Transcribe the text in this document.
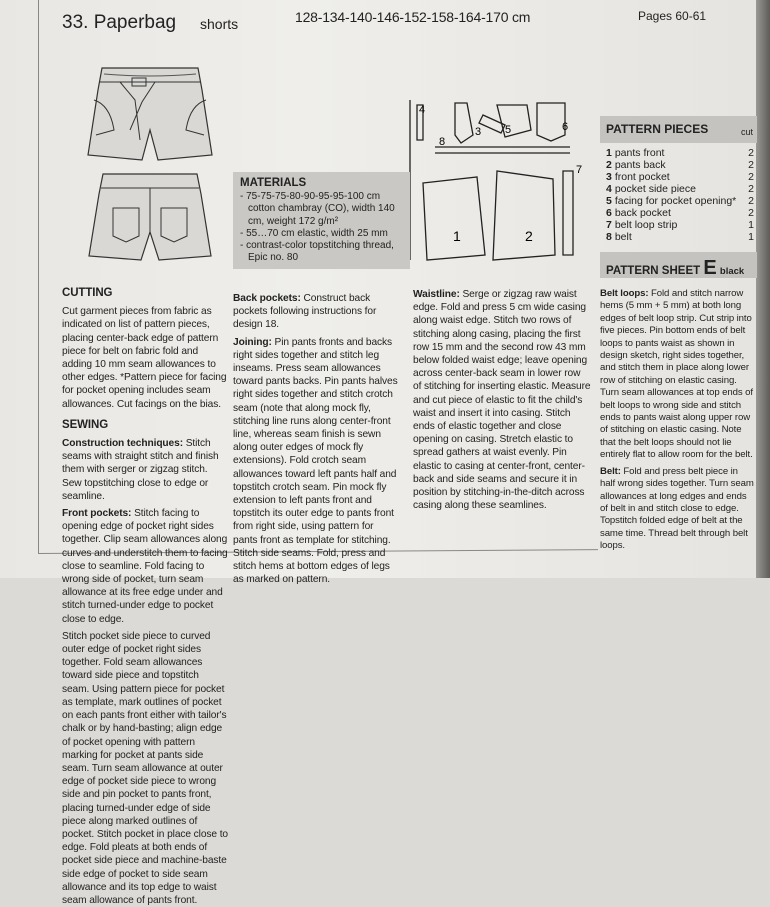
33. Paperbag shorts	128-134-140-146-152-158-164-170 cm	Pages 60-61
4
3 5	6
8
7
1	2
MATERIALS
- 75-75-75-80-90-95-95-100 cm cotton chambray (CO), width 140 cm, weight 172 g/m²
- 55…70 cm elastic, width 25 mm
- contrast-color topstitching thread, Epic no. 80
PATTERN PIECES	cut
1 pants front	2
2 pants back	2
3 front pocket	2
4 pocket side piece	2
5 facing for pocket opening* 2
6 back pocket	2
7 belt loop strip	1
8 belt	1
PATTERN SHEET E black
CUTTING

Cut garment pieces from fabric as indicated on list of pattern pieces, placing center-back edge of pattern piece for belt on fabric fold and adding 10 mm seam allowances to other edges. *Pattern piece for facing for pocket opening includes seam allowances. Cut facings on the bias.

SEWING

Construction techniques: Stitch seams with straight stitch and finish them with serger or zigzag stitch. Sew topstitching close to edge or seamline.

Front pockets: Stitch facing to opening edge of pocket right sides together. Clip seam allowances along curves and understitch them to facing close to seamline. Fold facing to wrong side of pocket, turn seam allowance at its free edge under and stitch turned-under edge to pocket close to edge.

Stitch pocket side piece to curved outer edge of pocket right sides together. Fold seam allowances toward side piece and topstitch seam. Using pattern piece for pocket as template, mark outlines of pocket on each pants front either with tailor's chalk or by hand-basting; align edge of pocket opening with pattern marking for pocket at pants side seam. Turn seam allowance at outer edge of pocket side piece to wrong side and pin pocket to pants front, placing turned-under edge of side piece along marked outlines of pocket. Stitch pocket in place close to edge. Fold pleats at both ends of pocket side piece and machine-baste side edge of pocket to side seam allowance and its top edge to waist seam allowance of pants front.

Back pockets: Construct back pockets following instructions for design 18.

Joining: Pin pants fronts and backs right sides together and stitch leg inseams. Press seam allowances toward pants backs. Pin pants halves right sides together and stitch crotch seam (note that along mock fly, stitching line runs along center-front line, whereas seam finish is sewn along outer edges of mock fly extensions). Fold crotch seam allowances toward left pants half and topstitch crotch seam. Pin mock fly extension to left pants front and topstitch its outer edge to pants front from right side, using pattern for pants front as template for stitching. Stitch side seams. Fold, press and stitch hems at bottom edges of legs as marked on pattern.

Waistline: Serge or zigzag raw waist edge. Fold and press 5 cm wide casing along waist edge. Stitch two rows of stitching along casing, placing the first row 15 mm and the second row 43 mm below folded waist edge; leave opening across center-back seam in lower row of stitching for inserting elastic. Measure and cut piece of elastic to fit the child's waist and insert it into casing. Stitch ends of elastic together and close opening on casing. Stretch elastic to spread gathers at waist evenly. Pin elastic to casing at center-front, center-back and side seams and secure it in position by stitching-in-the-ditch across casing along these seamlines.

Belt loops: Fold and stitch narrow hems (5 mm + 5 mm) at both long edges of belt loop strip. Cut strip into five pieces. Pin bottom ends of belt loops to pants waist as shown in design sketch, right sides together, and stitch them in place along lower row of stitching on elastic casing. Turn seam allowances at top ends of belt loops to wrong side and stitch ends to pants waist along upper row of stitching on elastic casing. Note that the belt loops should not lie entirely flat to allow room for the belt.

Belt: Fold and press belt piece in half wrong sides together. Turn seam allowances at long edges and ends of belt in and stitch close to edge. Topstitch folded edge of belt at the same time. Thread belt through belt loops.
